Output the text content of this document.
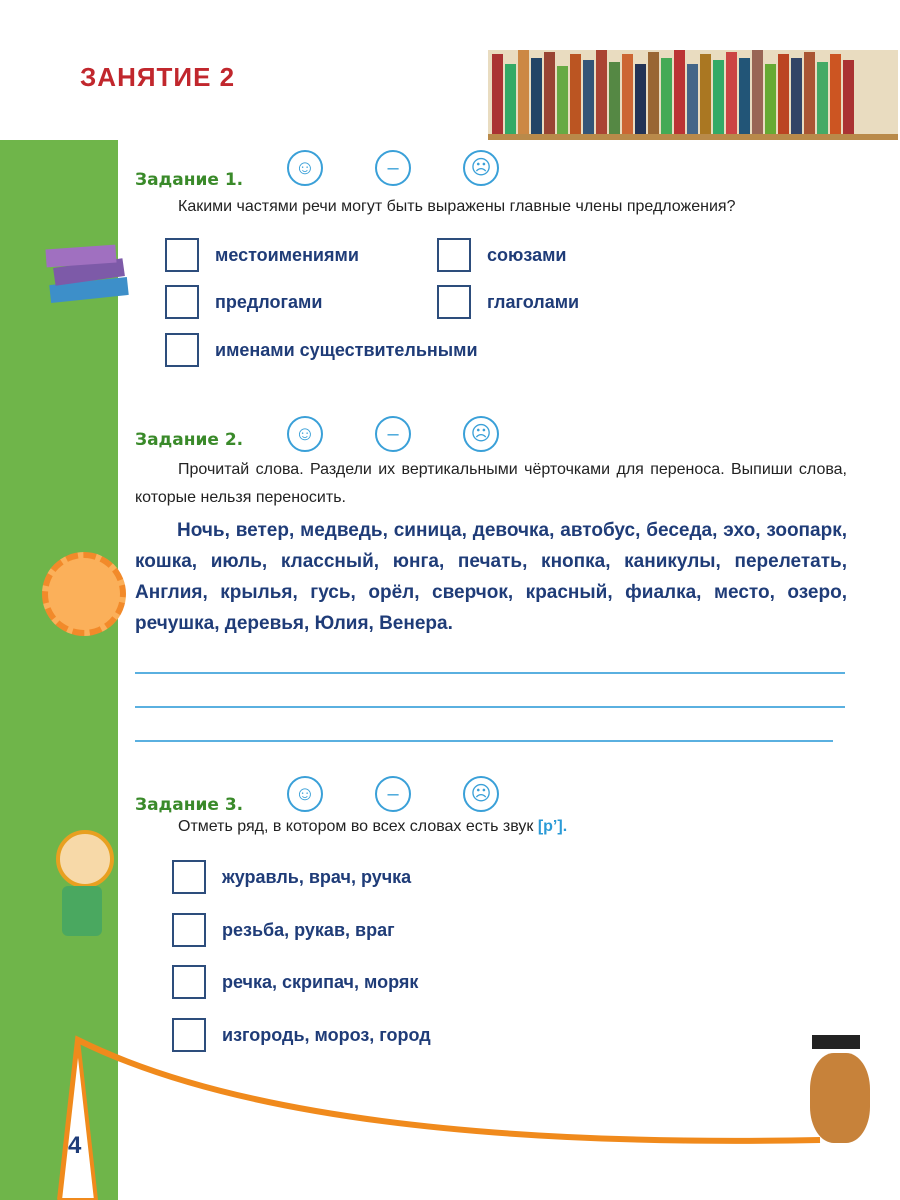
ЗАНЯТИЕ 2
Задание 1.
☺	–	☹
Какими частями речи могут быть выражены главные члены предложения?
местоимениями	союзами
предлогами	глаголами
именами существительными
Задание 2.	☺	–	☹
Прочитай слова. Раздели их вертикальными чёрточками для переноса. Выпиши слова, которые нельзя переносить.
Ночь, ветер, медведь, синица, девочка, автобус, беседа, эхо, зоопарк, кошка, июль, классный, юнга, печать, кнопка, каникулы, перелетать, Англия, крылья, гусь, орёл, сверчок, красный, фиалка, место, озеро, речушка, деревья, Юлия, Венера.
Задание 3.	☺	–	☹
Отметь ряд, в котором во всех словах есть звук [р’].
журавль, врач, ручка
резьба, рукав, враг
речка, скрипач, моряк
изгородь, мороз, город
4
